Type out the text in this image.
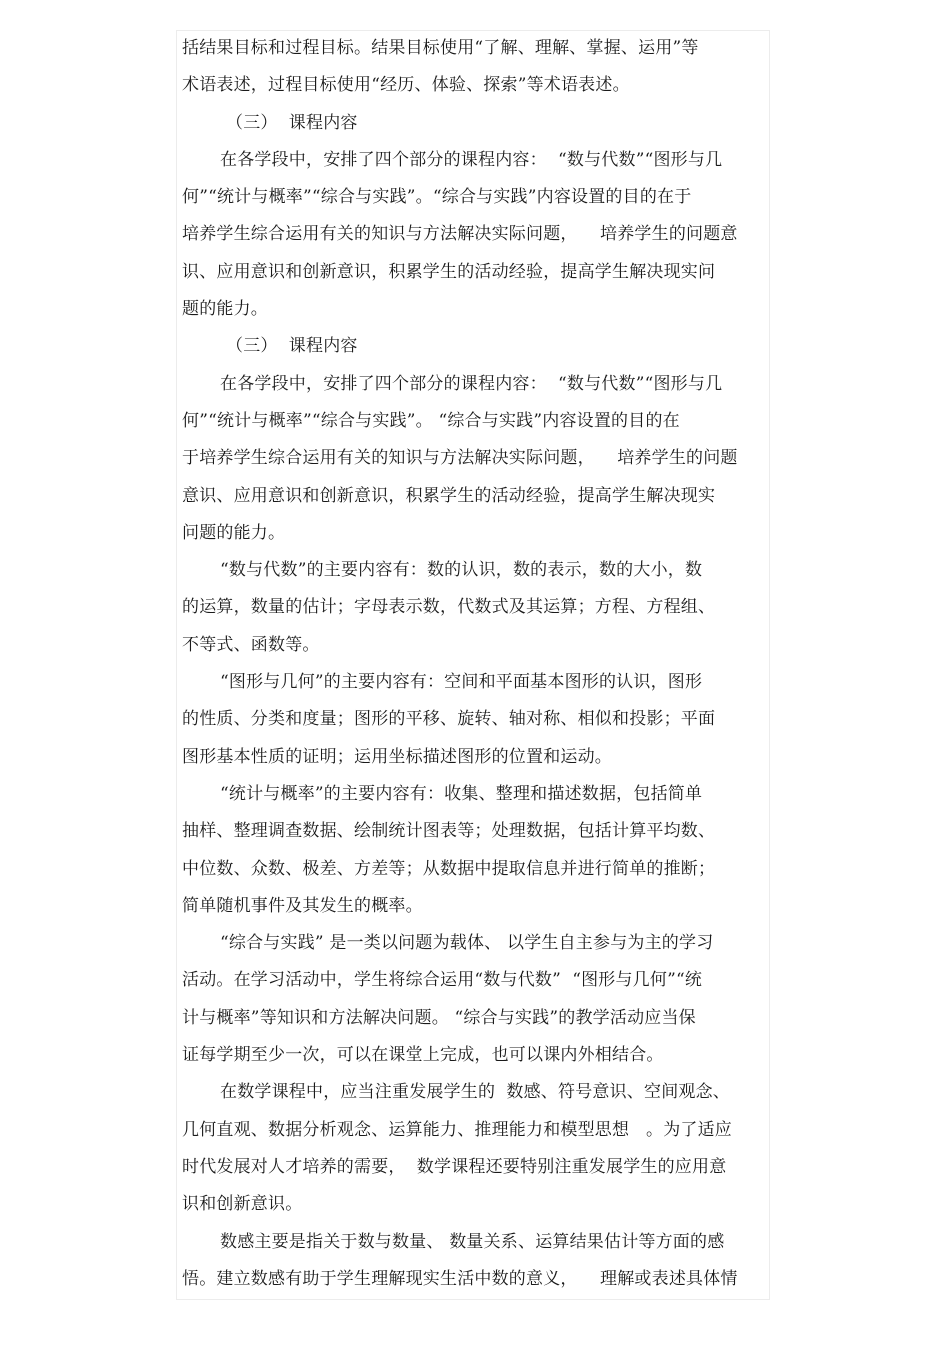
括结果目标和过程目标。结果目标使用“了解、理解、掌握、运用”等
术语表述，过程目标使用“经历、体验、探索”等术语表述。
（三）  课程内容
在各学段中，安排了四个部分的课程内容：  “数与代数”“图形与几
何”“统计与概率”“综合与实践”。“综合与实践”内容设置的目的在于
培养学生综合运用有关的知识与方法解决实际问题，    培养学生的问题意
识、应用意识和创新意识，积累学生的活动经验，提高学生解决现实问
题的能力。
（三）  课程内容
在各学段中，安排了四个部分的课程内容：  “数与代数”“图形与几
何”“统计与概率”“综合与实践”。 “综合与实践”内容设置的目的在
于培养学生综合运用有关的知识与方法解决实际问题，    培养学生的问题
意识、应用意识和创新意识，积累学生的活动经验，提高学生解决现实
问题的能力。
“数与代数”的主要内容有：数的认识，数的表示，数的大小，数
的运算，数量的估计；字母表示数，代数式及其运算；方程、方程组、
不等式、函数等。
“图形与几何”的主要内容有：空间和平面基本图形的认识，图形
的性质、分类和度量；图形的平移、旋转、轴对称、相似和投影；平面
图形基本性质的证明；运用坐标描述图形的位置和运动。
“统计与概率”的主要内容有：收集、整理和描述数据，包括简单
抽样、整理调查数据、绘制统计图表等；处理数据，包括计算平均数、
中位数、众数、极差、方差等；从数据中提取信息并进行简单的推断；
简单随机事件及其发生的概率。
“综合与实践” 是一类以问题为载体、 以学生自主参与为主的学习
活动。在学习活动中，学生将综合运用“数与代数”  “图形与几何”“统
计与概率”等知识和方法解决问题。 “综合与实践”的教学活动应当保
证每学期至少一次，可以在课堂上完成，也可以课内外相结合。
在数学课程中，应当注重发展学生的  数感、符号意识、空间观念、
几何直观、数据分析观念、运算能力、推理能力和模型思想   。为了适应
时代发展对人才培养的需要，  数学课程还要特别注重发展学生的应用意
识和创新意识。
数感主要是指关于数与数量、 数量关系、运算结果估计等方面的感
悟。建立数感有助于学生理解现实生活中数的意义，    理解或表述具体情
